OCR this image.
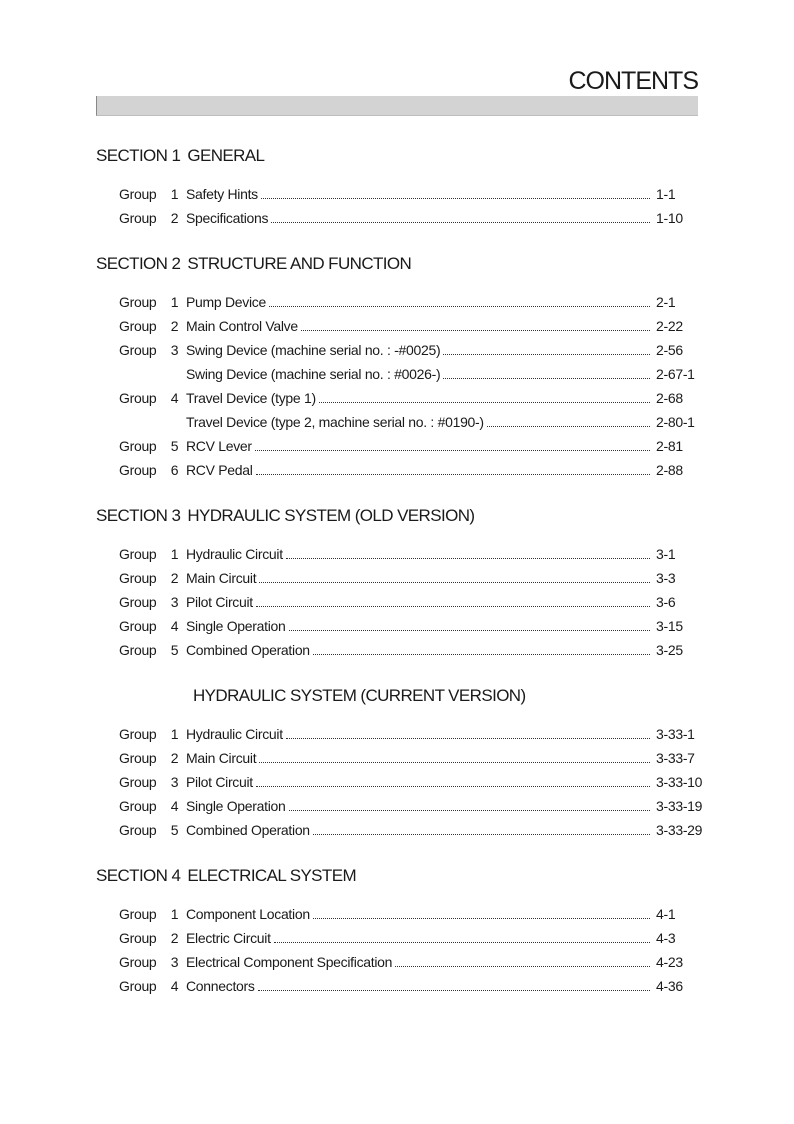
CONTENTS
SECTION 1 GENERAL
Group	1 Safety Hints	1-1
Group	2 Specifications	1-10
SECTION 2 STRUCTURE AND FUNCTION
Group	1 Pump Device	2-1
Group	2 Main Control Valve	2-22
Group	3 Swing Device (machine serial no. : -#0025)	2-56
Swing Device (machine serial no. : #0026-)	2-67-1
Group	4 Travel Device (type 1)	2-68
Travel Device (type 2, machine serial no. : #0190-)	2-80-1
Group	5 RCV Lever	2-81
Group	6 RCV Pedal	2-88
SECTION 3 HYDRAULIC SYSTEM (OLD VERSION)
Group	1 Hydraulic Circuit	3-1
Group	2 Main Circuit	3-3
Group	3 Pilot Circuit	3-6
Group	4 Single Operation	3-15
Group	5 Combined Operation	3-25
HYDRAULIC SYSTEM (CURRENT VERSION)
Group	1 Hydraulic Circuit	3-33-1
Group	2 Main Circuit	3-33-7
Group	3 Pilot Circuit	3-33-10
Group	4 Single Operation	3-33-19
Group	5 Combined Operation	3-33-29
SECTION 4 ELECTRICAL SYSTEM
Group	1 Component Location	4-1
Group	2 Electric Circuit	4-3
Group	3 Electrical Component Specification	4-23
Group	4 Connectors	4-36
